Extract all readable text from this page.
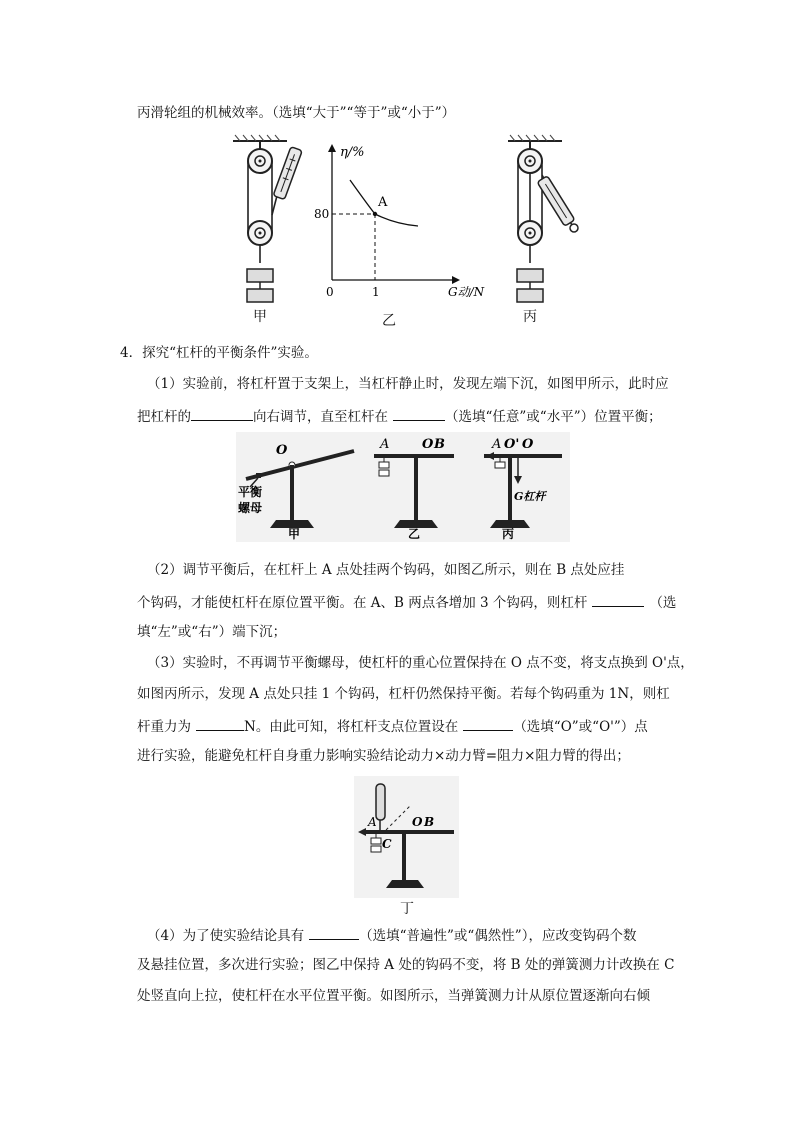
丙滑轮组的机械效率。（选填“大于”“等于”或“小于”）
甲
η/%
A
80
0	1	G动/N
乙	丙
4．探究“杠杆的平衡条件”实验。
（1）实验前，将杠杆置于支架上，当杠杆静止时，发现左端下沉，如图甲所示，此时应
把杠杆的	向右调节，直至杠杆在	（选填“任意”或“水平”）位置平衡；
O
平衡
螺母
甲
A	O B
乙
A O' O
G杠杆
丙
（2）调节平衡后，在杠杆上 A 点处挂两个钩码，如图乙所示，则在 B 点处应挂
个钩码，才能使杠杆在原位置平衡。在 A、B 两点各增加 3 个钩码，则杠杆	（选
填“左”或“右”）端下沉；
（3）实验时，不再调节平衡螺母，使杠杆的重心位置保持在 O 点不变，将支点换到 O'点，
如图丙所示，发现 A 点处只挂 1 个钩码，杠杆仍然保持平衡。若每个钩码重为 1N，则杠
杆重力为	N。由此可知，将杠杆支点位置设在	（选填“O”或“O'”）点
进行实验，能避免杠杆自身重力影响实验结论动力×动力臂=阻力×阻力臂的得出；
A	O B
C
丁
（4）为了使实验结论具有	（选填“普遍性”或“偶然性”），应改变钩码个数
及悬挂位置，多次进行实验；图乙中保持 A 处的钩码不变，将 B 处的弹簧测力计改换在 C
处竖直向上拉，使杠杆在水平位置平衡。如图所示，当弹簧测力计从原位置逐渐向右倾
